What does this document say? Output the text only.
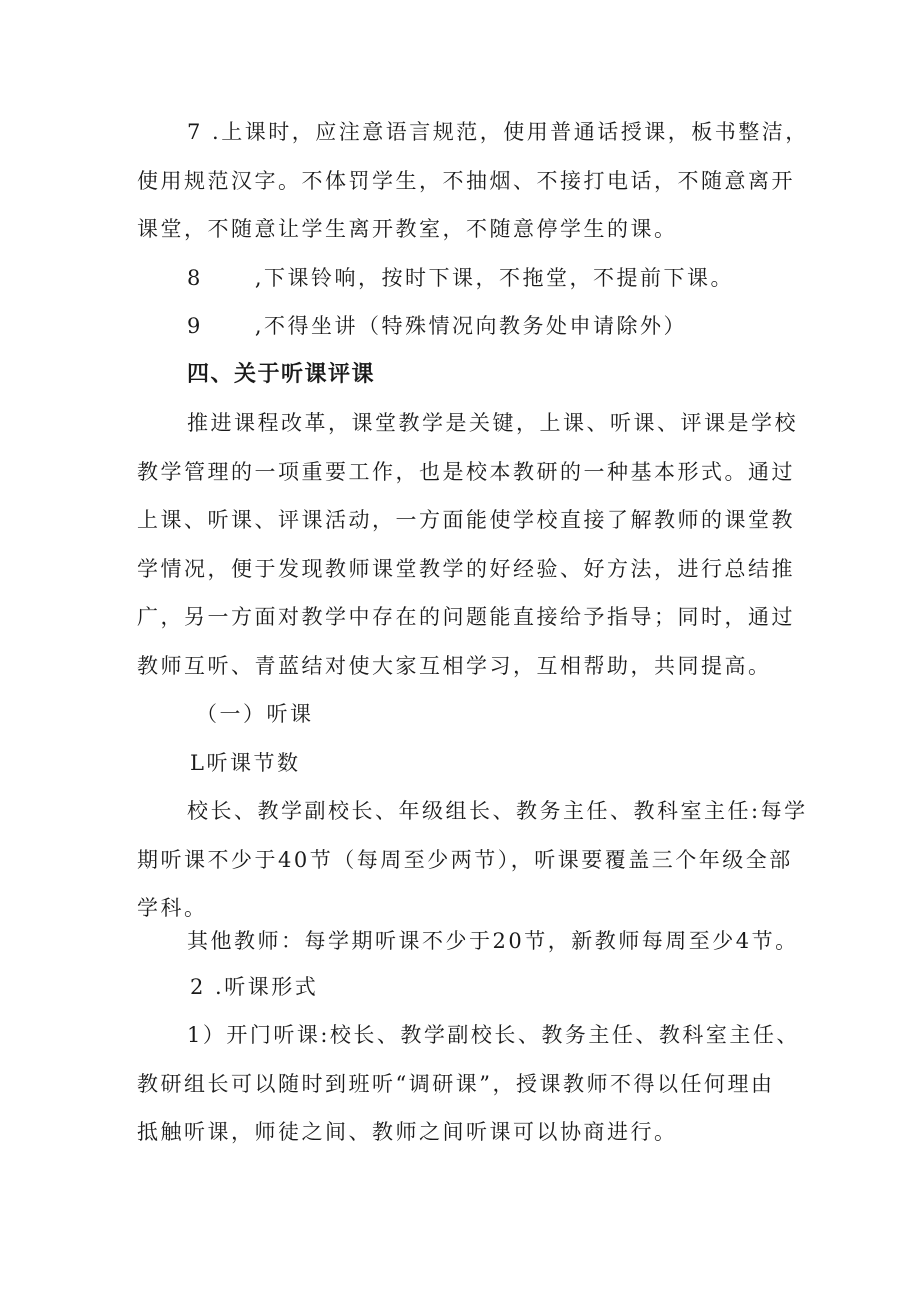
7 .上课时，应注意语言规范，使用普通话授课，板书整洁，
使用规范汉字。不体罚学生，不抽烟、不接打电话，不随意离开
课堂，不随意让学生离开教室，不随意停学生的课。
8 ,下课铃响，按时下课，不拖堂，不提前下课。
9 ,不得坐讲（特殊情况向教务处申请除外）
四、关于听课评课
推进课程改革，课堂教学是关键，上课、听课、评课是学校
教学管理的一项重要工作，也是校本教研的一种基本形式。通过
上课、听课、评课活动，一方面能使学校直接了解教师的课堂教
学情况，便于发现教师课堂教学的好经验、好方法，进行总结推
广，另一方面对教学中存在的问题能直接给予指导；同时，通过
教师互听、青蓝结对使大家互相学习，互相帮助，共同提高。
（一）听课
L听课节数
校长、教学副校长、年级组长、教务主任、教科室主任:每学
期听课不少于40节（每周至少两节），听课要覆盖三个年级全部
学科。
其他教师：每学期听课不少于20节，新教师每周至少4节。
2 .听课形式
1）开门听课:校长、教学副校长、教务主任、教科室主任、
教研组长可以随时到班听“调研课”，授课教师不得以任何理由
抵触听课，师徒之间、教师之间听课可以协商进行。
